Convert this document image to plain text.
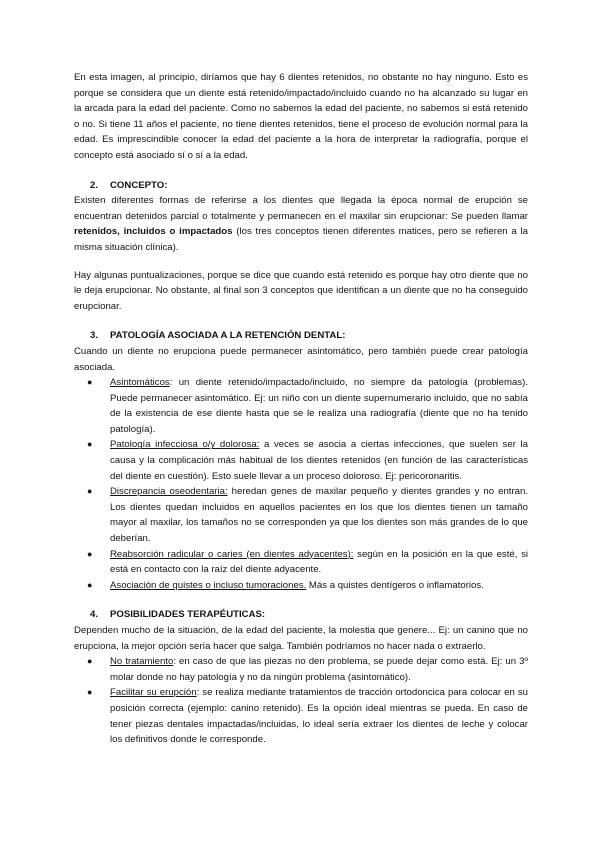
En esta imagen, al principio, diríamos que hay 6 dientes retenidos, no obstante no hay ninguno. Esto es porque se considera que un diente está retenido/impactado/incluido cuando no ha alcanzado su lugar en la arcada para la edad del paciente. Como no sabemos la edad del paciente, no sabemos si está retenido o no. Si tiene 11 años el paciente, no tiene dientes retenidos, tiene el proceso de evolución normal para la edad. Es imprescindible conocer la edad del paciente a la hora de interpretar la radiografía, porque el concepto está asociado sí o sí a la edad.

2. CONCEPTO:

Existen diferentes formas de referirse a los dientes que llegada la época normal de erupción se encuentran detenidos parcial o totalmente y permanecen en el maxilar sin erupcionar: Se pueden llamar retenidos, incluidos o impactados (los tres conceptos tienen diferentes matices, pero se refieren a la misma situación clínica).

Hay algunas puntualizaciones, porque se dice que cuando está retenido es porque hay otro diente que no le deja erupcionar. No obstante, al final son 3 conceptos que identifican a un diente que no ha conseguido erupcionar.

3. PATOLOGÍA ASOCIADA A LA RETENCIÓN DENTAL:

Cuando un diente no erupciona puede permanecer asintomático, pero también puede crear patología asociada.

● Asintomáticos: un diente retenido/impactado/incluido, no siempre da patología (problemas). Puede permanecer asintomático. Ej: un niño con un diente supernumerario incluido, que no sabía de la existencia de ese diente hasta que se le realiza una radiografía (diente que no ha tenido patología).
● Patología infecciosa o/y dolorosa: a veces se asocia a ciertas infecciones, que suelen ser la causa y la complicación más habitual de los dientes retenidos (en función de las características del diente en cuestión). Esto suele llevar a un proceso doloroso. Ej: pericoronaritis.
● Discrepancia oseodentaria: heredan genes de maxilar pequeño y dientes grandes y no entran. Los dientes quedan incluidos en aquellos pacientes en los que los dientes tienen un tamaño mayor al maxilar, los tamaños no se corresponden ya que los dientes son más grandes de lo que deberían.
● Reabsorción radicular o caries (en dientes adyacentes): según en la posición en la que esté, si está en contacto con la raíz del diente adyacente.
● Asociación de quistes o incluso tumoraciones. Más a quistes dentígeros o inflamatorios.
4. POSIBILIDADES TERAPÉUTICAS:

Dependen mucho de la situación, de la edad del paciente, la molestia que genere... Ej: un canino que no erupciona, la mejor opción sería hacer que salga. También podríamos no hacer nada o extraerlo.

● No tratamiento: en caso de que las piezas no den problema, se puede dejar como está. Ej: un 3º molar donde no hay patología y no da ningún problema (asintomático).
● Facilitar su erupción: se realiza mediante tratamientos de tracción ortodoncica para colocar en su posición correcta (ejemplo: canino retenido). Es la opción ideal mientras se pueda. En caso de tener piezas dentales impactadas/incluidas, lo ideal sería extraer los dientes de leche y colocar los definitivos donde le corresponde.
